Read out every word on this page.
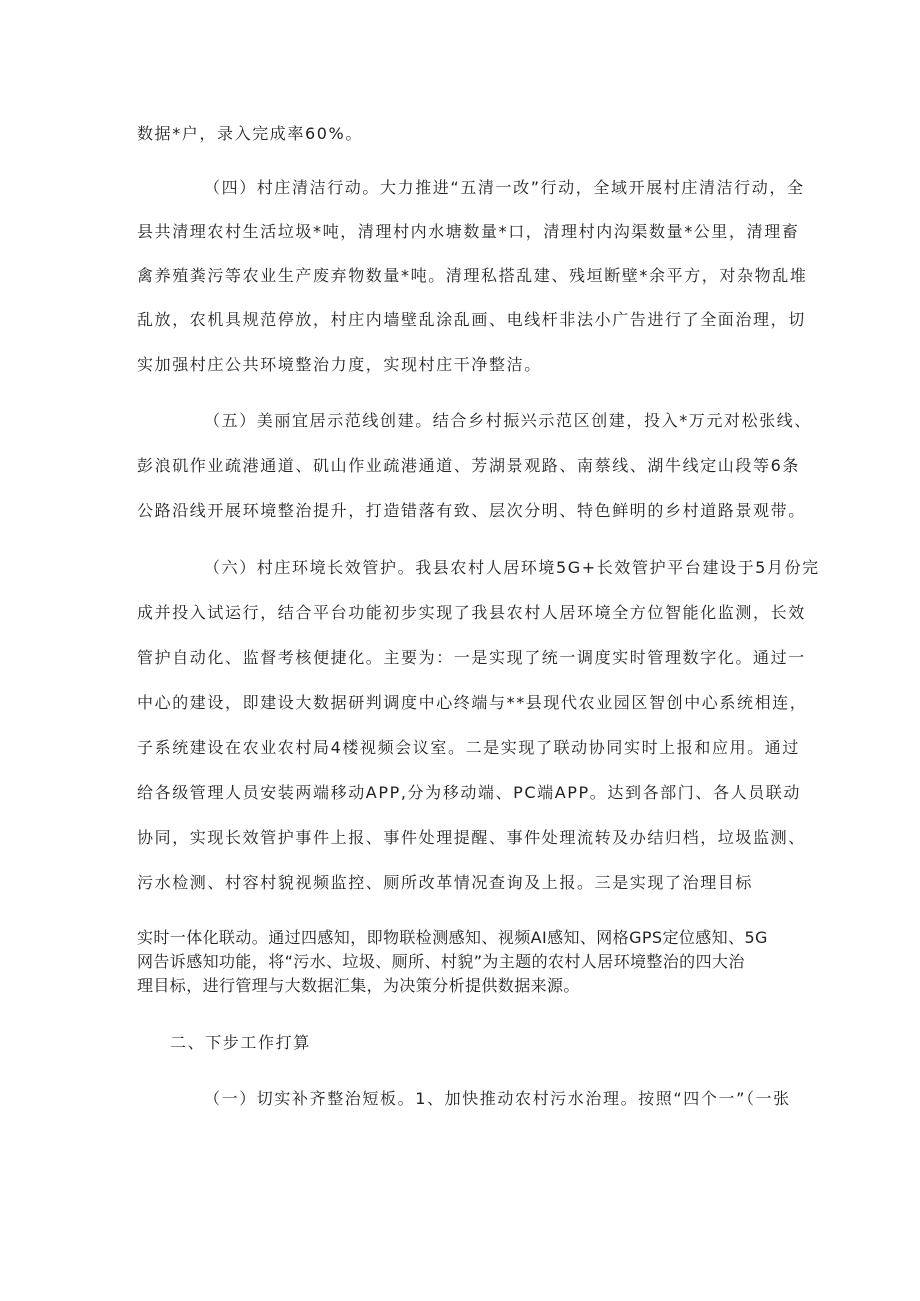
数据*户，录入完成率60%。
（四）村庄清洁行动。大力推进“五清一改”行动，全域开展村庄清洁行动，全
县共清理农村生活垃圾*吨，清理村内水塘数量*口，清理村内沟渠数量*公里，清理畜
禽养殖粪污等农业生产废弃物数量*吨。清理私搭乱建、残垣断壁*余平方，对杂物乱堆
乱放，农机具规范停放，村庄内墙壁乱涂乱画、电线杆非法小广告进行了全面治理，切
实加强村庄公共环境整治力度，实现村庄干净整洁。
（五）美丽宜居示范线创建。结合乡村振兴示范区创建，投入*万元对松张线、
彭浪矶作业疏港通道、矶山作业疏港通道、芳湖景观路、南蔡线、湖牛线定山段等6条
公路沿线开展环境整治提升，打造错落有致、层次分明、特色鲜明的乡村道路景观带。
（六）村庄环境长效管护。我县农村人居环境5G+长效管护平台建设于5月份完
成并投入试运行，结合平台功能初步实现了我县农村人居环境全方位智能化监测，长效
管护自动化、监督考核便捷化。主要为：一是实现了统一调度实时管理数字化。通过一
中心的建设，即建设大数据研判调度中心终端与**县现代农业园区智创中心系统相连，
子系统建设在农业农村局4楼视频会议室。二是实现了联动协同实时上报和应用。通过
给各级管理人员安装两端移动APP,分为移动端、PC端APP。达到各部门、各人员联动
协同，实现长效管护事件上报、事件处理提醒、事件处理流转及办结归档，垃圾监测、
污水检测、村容村貌视频监控、厕所改革情况查询及上报。三是实现了治理目标
实时一体化联动。通过四感知，即物联检测感知、视频AI感知、网格GPS定位感知、5G
网告诉感知功能，将“污水、垃圾、厕所、村貌”为主题的农村人居环境整治的四大治
理目标，进行管理与大数据汇集，为决策分析提供数据来源。
二、下步工作打算
（一）切实补齐整治短板。1、加快推动农村污水治理。按照“四个一”（一张
